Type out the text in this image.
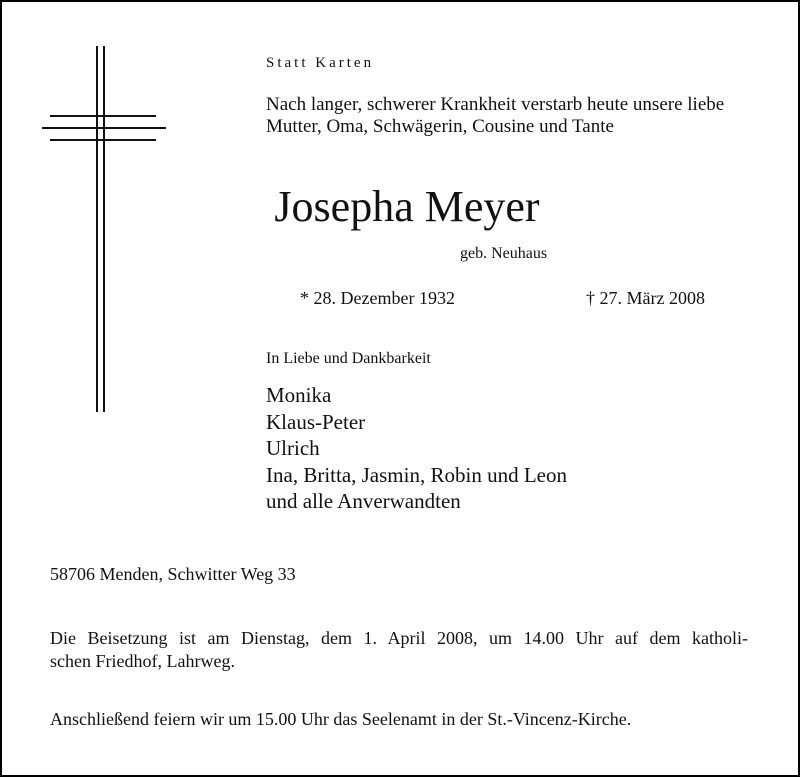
Statt Karten

Nach langer, schwerer Krankheit verstarb heute unsere liebe
Mutter, Oma, Schwägerin, Cousine und Tante

Josepha Meyer

geb. Neuhaus

* 28. Dezember 1932	† 27. März 2008

In Liebe und Dankbarkeit

Monika
Klaus-Peter
Ulrich
Ina, Britta, Jasmin, Robin und Leon
und alle Anverwandten

58706 Menden, Schwitter Weg 33

Die Beisetzung ist am Dienstag, dem 1. April 2008, um 14.00 Uhr auf dem katholi-
schen Friedhof, Lahrweg.

Anschließend feiern wir um 15.00 Uhr das Seelenamt in der St.-Vincenz-Kirche.
